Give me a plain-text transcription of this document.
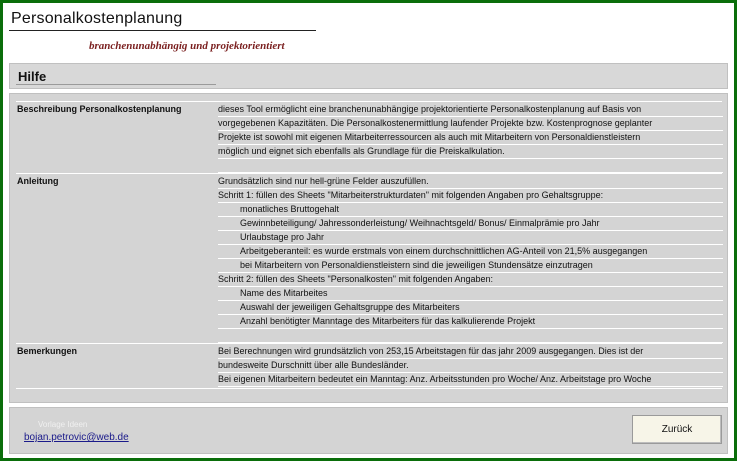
Personalkostenplanung
branchenunabhängig und projektorientiert
Hilfe
Beschreibung Personalkostenplanung	dieses Tool ermöglicht eine branchenunabhängige projektorientierte Personalkostenplanung auf Basis von
vorgegebenen Kapazitäten. Die Personalkostenermittlung laufender Projekte bzw. Kostenprognose geplanter
Projekte ist sowohl mit eigenen Mitarbeiterressourcen als auch mit Mitarbeitern von Personaldienstleistern
möglich und eignet sich ebenfalls als Grundlage für die Preiskalkulation.
Anleitung	Grundsätzlich sind nur hell-grüne Felder auszufüllen.
Schritt 1: füllen des Sheets "Mitarbeiterstrukturdaten" mit folgenden Angaben pro Gehaltsgruppe:
monatliches Bruttogehalt
Gewinnbeteiligung/ Jahressonderleistung/ Weihnachtsgeld/ Bonus/ Einmalprämie pro Jahr
Urlaubstage pro Jahr
Arbeitgeberanteil: es wurde erstmals von einem durchschnittlichen AG-Anteil von 21,5% ausgegangen
bei Mitarbeitern von Personaldienstleistern sind die jeweiligen Stundensätze einzutragen
Schritt 2: füllen des Sheets "Personalkosten" mit folgenden Angaben:
Name des Mitarbeites
Auswahl der jeweiligen Gehaltsgruppe des Mitarbeiters
Anzahl benötigter Manntage des Mitarbeiters für das kalkulierende Projekt
Bemerkungen	Bei Berechnungen wird grundsätzlich von 253,15 Arbeitstagen für das jahr 2009 ausgegangen. Dies ist der
bundesweite Durschnitt über alle Bundesländer.
Bei eigenen Mitarbeitern bedeutet ein Manntag: Anz. Arbeitsstunden pro Woche/ Anz. Arbeitstage pro Woche
Vorlage Ideen
bojan.petrovic@web.de
Zurück
